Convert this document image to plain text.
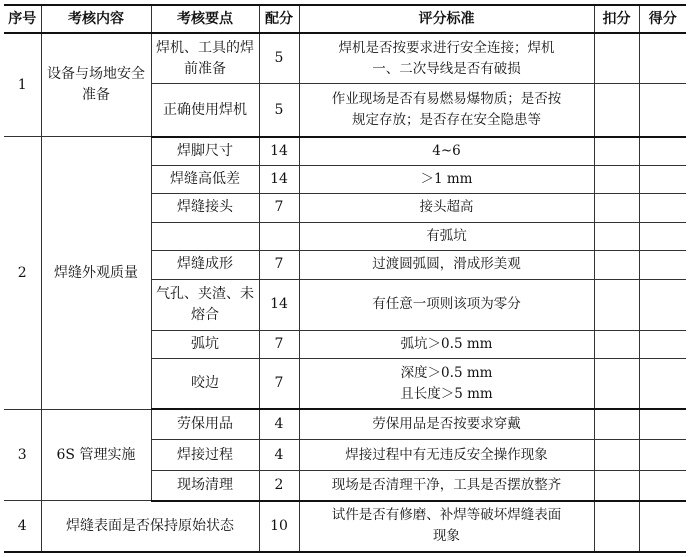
序号	考核内容	考核要点	配分	评分标准	扣分	得分
1	设备与场地安全准备	焊机、工具的焊前准备	5	焊机是否按要求进行安全连接；焊机
一、二次导线是否有破损		

		正确使用焊机	5	作业现场是否有易燃易爆物质；是否按
规定存放；是否存在安全隐患等		

2	焊缝外观质量	焊脚尺寸	14	4~6		
		焊缝高低差	14	＞1 mm		
		焊缝接头	7	接头超高		
				有弧坑		
		焊缝成形	7	过渡圆弧圆，滑成形美观		
		气孔、夹渣、未熔合	14	有任意一项则该项为零分		
		弧坑	7	弧坑＞0.5 mm		
		咬边	7	深度＞0.5 mm
且长度＞5 mm		

3	6S 管理实施	劳保用品	4	劳保用品是否按要求穿戴		
		焊接过程	4	焊接过程中有无违反安全操作现象		
		现场清理	2	现场是否清理干净，工具是否摆放整齐		
4	焊缝表面是否保持原始状态		10	试件是否有修磨、补焊等破坏焊缝表面
现象		
